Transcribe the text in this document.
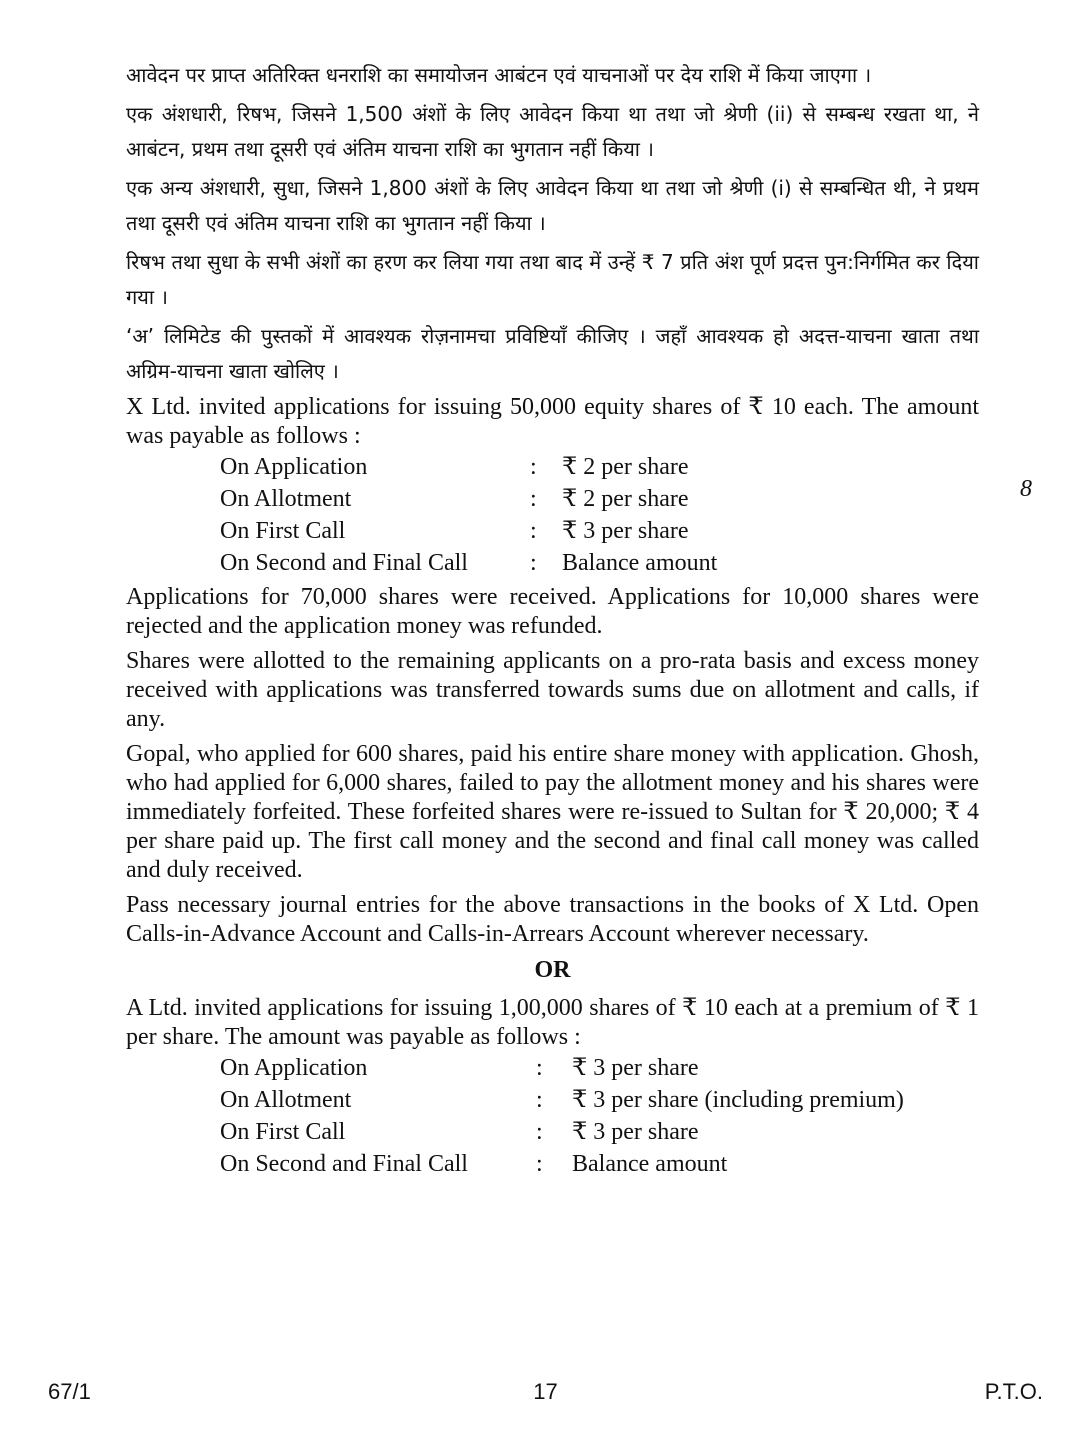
आवेदन पर प्राप्त अतिरिक्त धनराशि का समायोजन आबंटन एवं याचनाओं पर देय राशि में किया जाएगा ।

एक अंशधारी, रिषभ, जिसने 1,500 अंशों के लिए आवेदन किया था तथा जो श्रेणी (ii) से सम्बन्ध रखता था, ने आबंटन, प्रथम तथा दूसरी एवं अंतिम याचना राशि का भुगतान नहीं किया ।

एक अन्य अंशधारी, सुधा, जिसने 1,800 अंशों के लिए आवेदन किया था तथा जो श्रेणी (i) से सम्बन्धित थी, ने प्रथम तथा दूसरी एवं अंतिम याचना राशि का भुगतान नहीं किया ।

रिषभ तथा सुधा के सभी अंशों का हरण कर लिया गया तथा बाद में उन्हें ₹ 7 प्रति अंश पूर्ण प्रदत्त पुन:निर्गमित कर दिया गया ।

‘अ’ लिमिटेड की पुस्तकों में आवश्यक रोज़नामचा प्रविष्टियाँ कीजिए । जहाँ आवश्यक हो अदत्त-याचना खाता तथा अग्रिम-याचना खाता खोलिए ।

X Ltd. invited applications for issuing 50,000 equity shares of ₹ 10 each. The amount was payable as follows :

On Application	:	₹ 2 per share
On Allotment	:	₹ 2 per share
On First Call	:	₹ 3 per share
On Second and Final Call	:	Balance amount

Applications for 70,000 shares were received. Applications for 10,000 shares were rejected and the application money was refunded.

Shares were allotted to the remaining applicants on a pro-rata basis and excess money received with applications was transferred towards sums due on allotment and calls, if any.

Gopal, who applied for 600 shares, paid his entire share money with application. Ghosh, who had applied for 6,000 shares, failed to pay the allotment money and his shares were immediately forfeited. These forfeited shares were re-issued to Sultan for ₹ 20,000; ₹ 4 per share paid up. The first call money and the second and final call money was called and duly received.

Pass necessary journal entries for the above transactions in the books of X Ltd. Open Calls-in-Advance Account and Calls-in-Arrears Account wherever necessary.

OR

A Ltd. invited applications for issuing 1,00,000 shares of ₹ 10 each at a premium of ₹ 1 per share. The amount was payable as follows :

On Application	:	₹ 3 per share
On Allotment	:	₹ 3 per share (including premium)
On First Call	:	₹ 3 per share
On Second and Final Call	:	Balance amount
8
67/1	17	P.T.O.
